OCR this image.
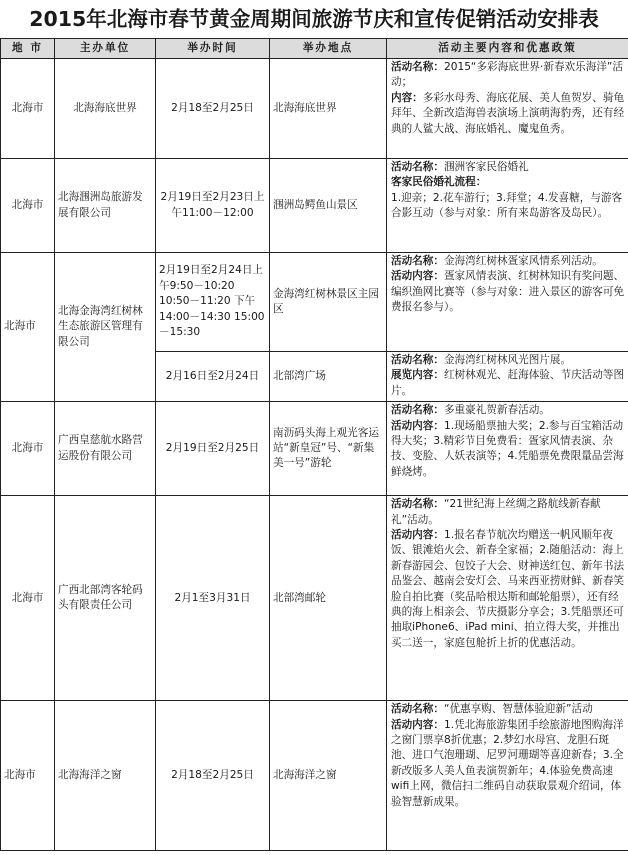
2015年北海市春节黄金周期间旅游节庆和宣传促销活动安排表
地 市	主办单位	举办时间	举办地点	活动主要内容和优惠政策
北海市	北海海底世界	2月18至2月25日	北海海底世界	活动名称：2015“多彩海底世界·新春欢乐海洋”活动；
内容：多彩水母秀、海底花展、美人鱼贺岁、骑龟拜年、全新改造海兽表演场上演萌海豹秀，还有经典的人鲨大战、海底婚礼、魔鬼鱼秀。
北海市	北海涠洲岛旅游发展有限公司	2月19日至2月23日上午11:00－12:00	涠洲岛鳄鱼山景区	活动名称：涠洲客家民俗婚礼

客家民俗婚礼流程：
1.迎亲；2.花车游行；3.拜堂；4.发喜糖，与游客合影互动（参与对象：所有来岛游客及岛民）。
北海市	北海金海湾红树林生态旅游区管理有限公司	2月19日至2月24日上午9:50－10:20 10:50－11:20 下午 14:00－14:30 15:00－15:30	金海湾红树林景区主园区	活动名称：金海湾红树林疍家风情系列活动。
活动内容：疍家风情表演、红树林知识有奖问题、编织渔网比赛等（参与对象：进入景区的游客可免费报名参与）。
		2月16日至2月24日	北部湾广场	活动名称：金海湾红树林风光图片展。
展览内容：红树林观光、赶海体验、节庆活动等图片。
北海市	广西皇慈航水路营运股份有限公司	2月19日至2月25日	南沥码头海上观光客运站“新皇冠”号、“新集美一号”游轮	活动名称：多重豪礼贺新春活动。
活动内容：1.现场船票抽大奖；2.参与百宝箱活动得大奖；3.精彩节目免费看：疍家风情表演、杂技、变脸、人妖表演等；4.凭船票免费限量品尝海鲜烧烤。
北海市	广西北部湾客轮码头有限责任公司	2月1至3月31日	北部湾邮轮	活动名称：“21世纪海上丝绸之路航线新春献礼”活动。
活动内容：1.报名春节航次均赠送一帆风顺年夜饭、银滩焰火会、新春全家福；2.随船活动：海上新春游园会、包饺子大会、财神送红包、新年书法品鉴会、越南会安灯会、马来西亚捞财鲜、新春笑脸自拍比赛（奖品哈根达斯和邮轮船票），还有经典的海上相亲会、节庆摄影分享会；3.凭船票还可抽取iPhone6、iPad mini、拍立得大奖，并推出买二送一，家庭包舱折上折的优惠活动。
北海市	北海海洋之窗	2月18至2月25日	北海海洋之窗	活动名称：“优惠享购、智慧体验迎新”活动
活动内容：1.凭北海旅游集团手绘旅游地图购海洋之窗门票享8折优惠；2.梦幻水母宫、龙胆石斑池、进口气泡珊瑚、尼罗河珊瑚等喜迎新春；3.全新改版多人美人鱼表演贺新年；4.体验免费高速wifi上网，微信扫二维码自动获取景观介绍词，体验智慧新成果。
